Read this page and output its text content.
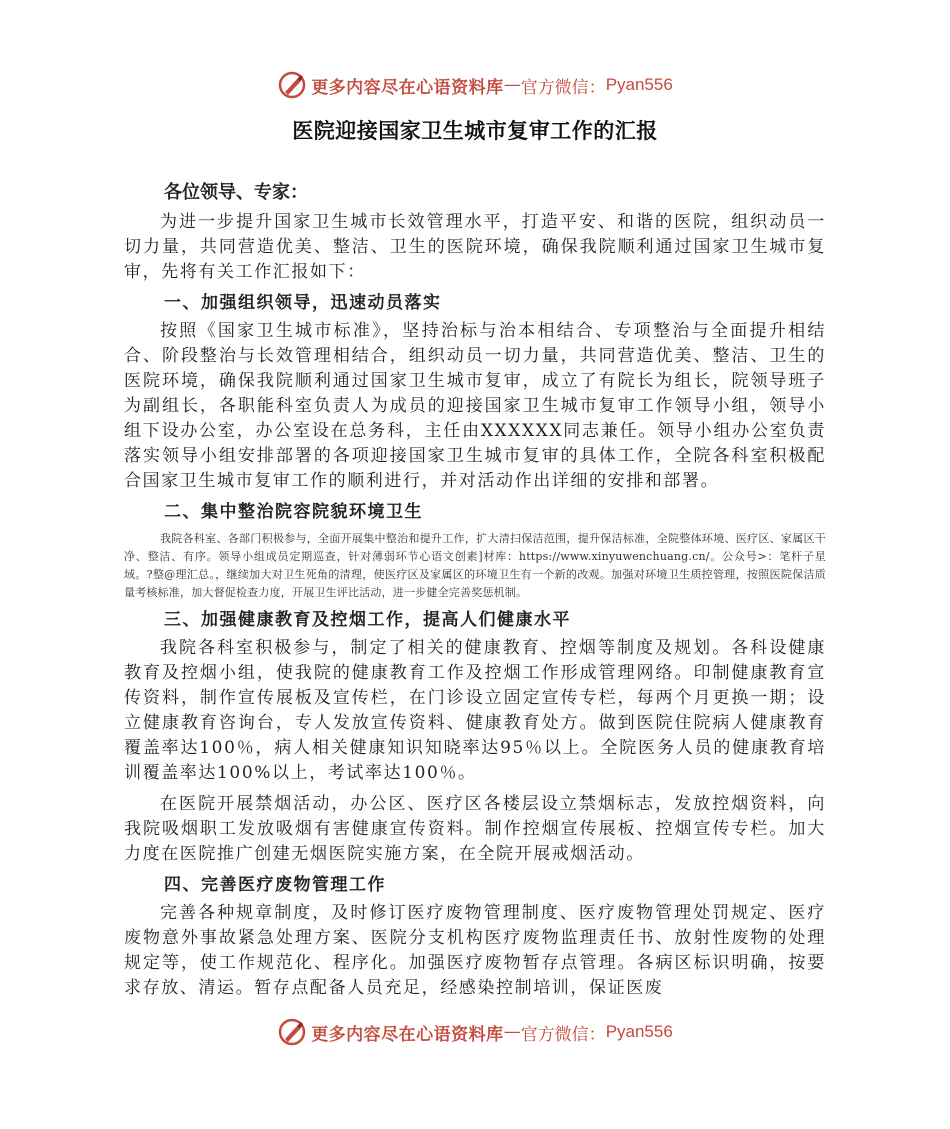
更多内容尽在心语资料库 — 官方微信： Pyan556
医院迎接国家卫生城市复审工作的汇报
各位领导、专家：

为进一步提升国家卫生城市长效管理水平，打造平安、和谐的医院，组织动员一切力量，共同营造优美、整洁、卫生的医院环境，确保我院顺利通过国家卫生城市复审，先将有关工作汇报如下：

一、加强组织领导，迅速动员落实

按照《国家卫生城市标准》，坚持治标与治本相结合、专项整治与全面提升相结合、阶段整治与长效管理相结合，组织动员一切力量，共同营造优美、整洁、卫生的医院环境，确保我院顺利通过国家卫生城市复审，成立了有院长为组长，院领导班子为副组长，各职能科室负责人为成员的迎接国家卫生城市复审工作领导小组，领导小组下设办公室，办公室设在总务科，主任由XXXXXX同志兼任。领导小组办公室负责落实领导小组安排部署的各项迎接国家卫生城市复审的具体工作，全院各科室积极配合国家卫生城市复审工作的顺利进行，并对活动作出详细的安排和部署。

二、集中整治院容院貌环境卫生

我院各科室、各部门积极参与，全面开展集中整治和提升工作，扩大清扫保洁范围，提升保洁标准，全院整体环境、医疗区、家属区干净、整洁、有序。领导小组成员定期巡查，针对薄弱环节心语文创素]材库：https://www.xinyuwenchuang.cn/。公众号>：笔杆子星域。?整@理汇总。，继续加大对卫生死角的清理，使医疗区及家属区的环境卫生有一个新的改观。加强对环境卫生质控管理，按照医院保洁质量考核标准，加大督促检查力度，开展卫生评比活动，进一步健全完善奖惩机制。

三、加强健康教育及控烟工作，提高人们健康水平

我院各科室积极参与，制定了相关的健康教育、控烟等制度及规划。各科设健康教育及控烟小组，使我院的健康教育工作及控烟工作形成管理网络。印制健康教育宣传资料，制作宣传展板及宣传栏，在门诊设立固定宣传专栏，每两个月更换一期；设立健康教育咨询台，专人发放宣传资料、健康教育处方。做到医院住院病人健康教育覆盖率达100％，病人相关健康知识知晓率达95％以上。全院医务人员的健康教育培训覆盖率达100%以上，考试率达100％。

在医院开展禁烟活动，办公区、医疗区各楼层设立禁烟标志，发放控烟资料，向我院吸烟职工发放吸烟有害健康宣传资料。制作控烟宣传展板、控烟宣传专栏。加大力度在医院推广创建无烟医院实施方案，在全院开展戒烟活动。

四、完善医疗废物管理工作

完善各种规章制度，及时修订医疗废物管理制度、医疗废物管理处罚规定、医疗废物意外事故紧急处理方案、医院分支机构医疗废物监理责任书、放射性废物的处理规定等，使工作规范化、程序化。加强医疗废物暂存点管理。各病区标识明确，按要求存放、清运。暂存点配备人员充足，经感染控制培训，保证医废

更多内容尽在心语资料库 — 官方微信： Pyan556
